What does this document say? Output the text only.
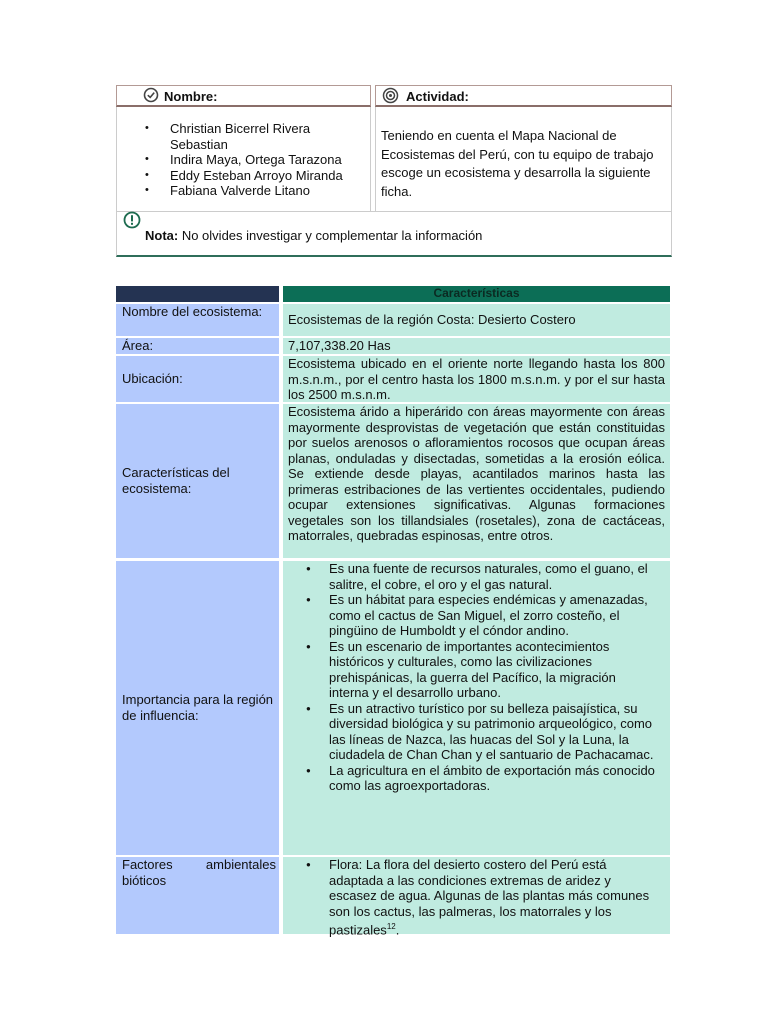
Nombre:	Actividad:
• Christian Bicerrel Rivera Sebastian
• Indira Maya, Ortega Tarazona
• Eddy Esteban Arroyo Miranda
• Fabiana Valverde Litano

Teniendo en cuenta el Mapa Nacional de Ecosistemas del Perú, con tu equipo de trabajo escoge un ecosistema y desarrolla la siguiente ficha.

Nota: No olvides investigar y complementar la información
Características
Nombre del ecosistema:
Ecosistemas de la región Costa: Desierto Costero
Área:	7,107,338.20 Has
Ubicación:
Ecosistema ubicado en el oriente norte llegando hasta los 800 m.s.n.m., por el centro hasta los 1800 m.s.n.m. y por el sur hasta los 2500 m.s.n.m.
Características del ecosistema:
Ecosistema árido a hiperárido con áreas mayormente con áreas mayormente desprovistas de vegetación que están constituidas por suelos arenosos o afloramientos rocosos que ocupan áreas planas, onduladas y disectadas, sometidas a la erosión eólica. Se extiende desde playas, acantilados marinos hasta las primeras estribaciones de las vertientes occidentales, pudiendo ocupar extensiones significativas. Algunas formaciones vegetales son los tillandsiales (rosetales), zona de cactáceas, matorrales, quebradas espinosas, entre otros.
Importancia para la región de influencia:
● Es una fuente de recursos naturales, como el guano, el salitre, el cobre, el oro y el gas natural.
● Es un hábitat para especies endémicas y amenazadas, como el cactus de San Miguel, el zorro costeño, el pingüino de Humboldt y el cóndor andino.
● Es un escenario de importantes acontecimientos históricos y culturales, como las civilizaciones prehispánicas, la guerra del Pacífico, la migración interna y el desarrollo urbano.
● Es un atractivo turístico por su belleza paisajística, su diversidad biológica y su patrimonio arqueológico, como las líneas de Nazca, las huacas del Sol y la Luna, la ciudadela de Chan Chan y el santuario de Pachacamac.
● La agricultura en el ámbito de exportación más conocido como las agroexportadoras.
Factores ambientales bióticos
● Flora: La flora del desierto costero del Perú está adaptada a las condiciones extremas de aridez y escasez de agua. Algunas de las plantas más comunes son los cactus, las palmeras, los matorrales y los pastizales$^{12}$.
